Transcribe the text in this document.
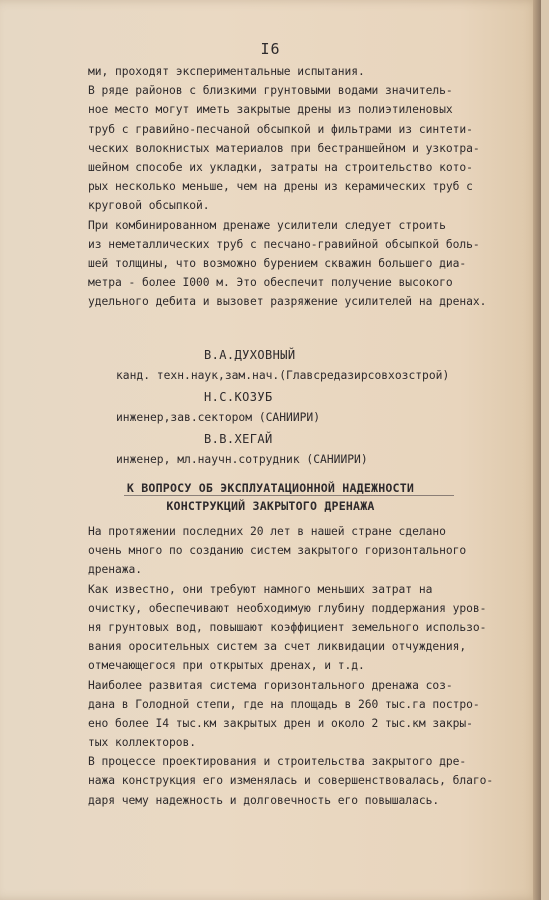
I6
ми, проходят экспериментальные испытания.
В ряде районов с близкими грунтовыми водами значитель-
ное место могут иметь закрытые дрены из полиэтиленовых
труб с гравийно-песчаной обсыпкой и фильтрами из синтети-
ческих волокнистых материалов при бестраншейном и узкотра-
шейном способе их укладки, затраты на строительство кото-
рых несколько меньше, чем на дрены из керамических труб с
круговой обсыпкой.
При комбинированном дренаже усилители следует строить
из неметаллических труб с песчано-гравийной обсыпкой боль-
шей толщины, что возможно бурением скважин большего диа-
метра - более I000 м. Это обеспечит получение высокого
удельного дебита и вызовет разряжение усилителей на дренах.
В.А.ДУХОВНЫЙ
канд. техн.наук,зам.нач.(Главсредазирсовхозстрой)
Н.С.КОЗУБ
инженер,зав.сектором (САНИИРИ)
В.В.ХЕГАЙ
инженер, мл.научн.сотрудник (САНИИРИ)
К ВОПРОСУ ОБ ЭКСПЛУАТАЦИОННОЙ НАДЕЖНОСТИ
КОНСТРУКЦИЙ ЗАКРЫТОГО ДРЕНАЖА
На протяжении последних 20 лет в нашей стране сделано
очень много по созданию систем закрытого горизонтального
дренажа.
Как известно, они требуют намного меньших затрат на
очистку, обеспечивают необходимую глубину поддержания уров-
ня грунтовых вод, повышают коэффициент земельного использо-
вания оросительных систем за счет ликвидации отчуждения,
отмечающегося при открытых дренах, и т.д.
Наиболее развитая система горизонтального дренажа соз-
дана в Голодной степи, где на площадь в 260 тыс.га постро-
ено более I4 тыс.км закрытых дрен и около 2 тыс.км закры-
тых коллекторов.
В процессе проектирования и строительства закрытого дре-
нажа конструкция его изменялась и совершенствовалась, благо-
даря чему надежность и долговечность его повышалась.
